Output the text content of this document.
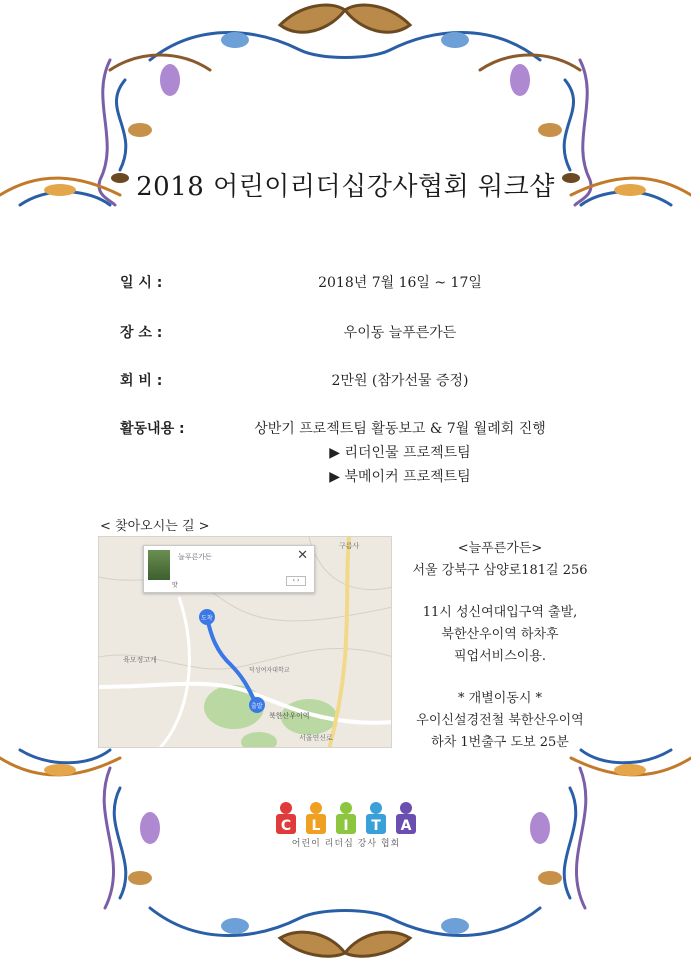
2018 어린이리더십강사협회 워크샵
일 시 :	2018년 7월 16일 ~ 17일
장 소 :	우이동 늘푸른가든
회 비 :	2만원 (참가선물 증정)
활동내용 :	상반기 프로젝트팀 활동보고 & 7월 월례회 진행
▶ 리더인물 프로젝트팀
▶ 북메이커 프로젝트팀
< 찾아오시는 길 >
도착
출발
북한산우이역
육모정고개
구름사
서울연신로
덕성여자대학교
늘푸른가든	✕
맛
‹ ›
<늘푸른가든>
서울 강북구 삼양로181길 256
11시 성신여대입구역 출발,
북한산우이역 하차후
픽업서비스이용.
* 개별이동시 *
우이신설경전철 북한산우이역
하차 1번출구 도보 25분
C L I T A
어린이 리더십 강사 협회
